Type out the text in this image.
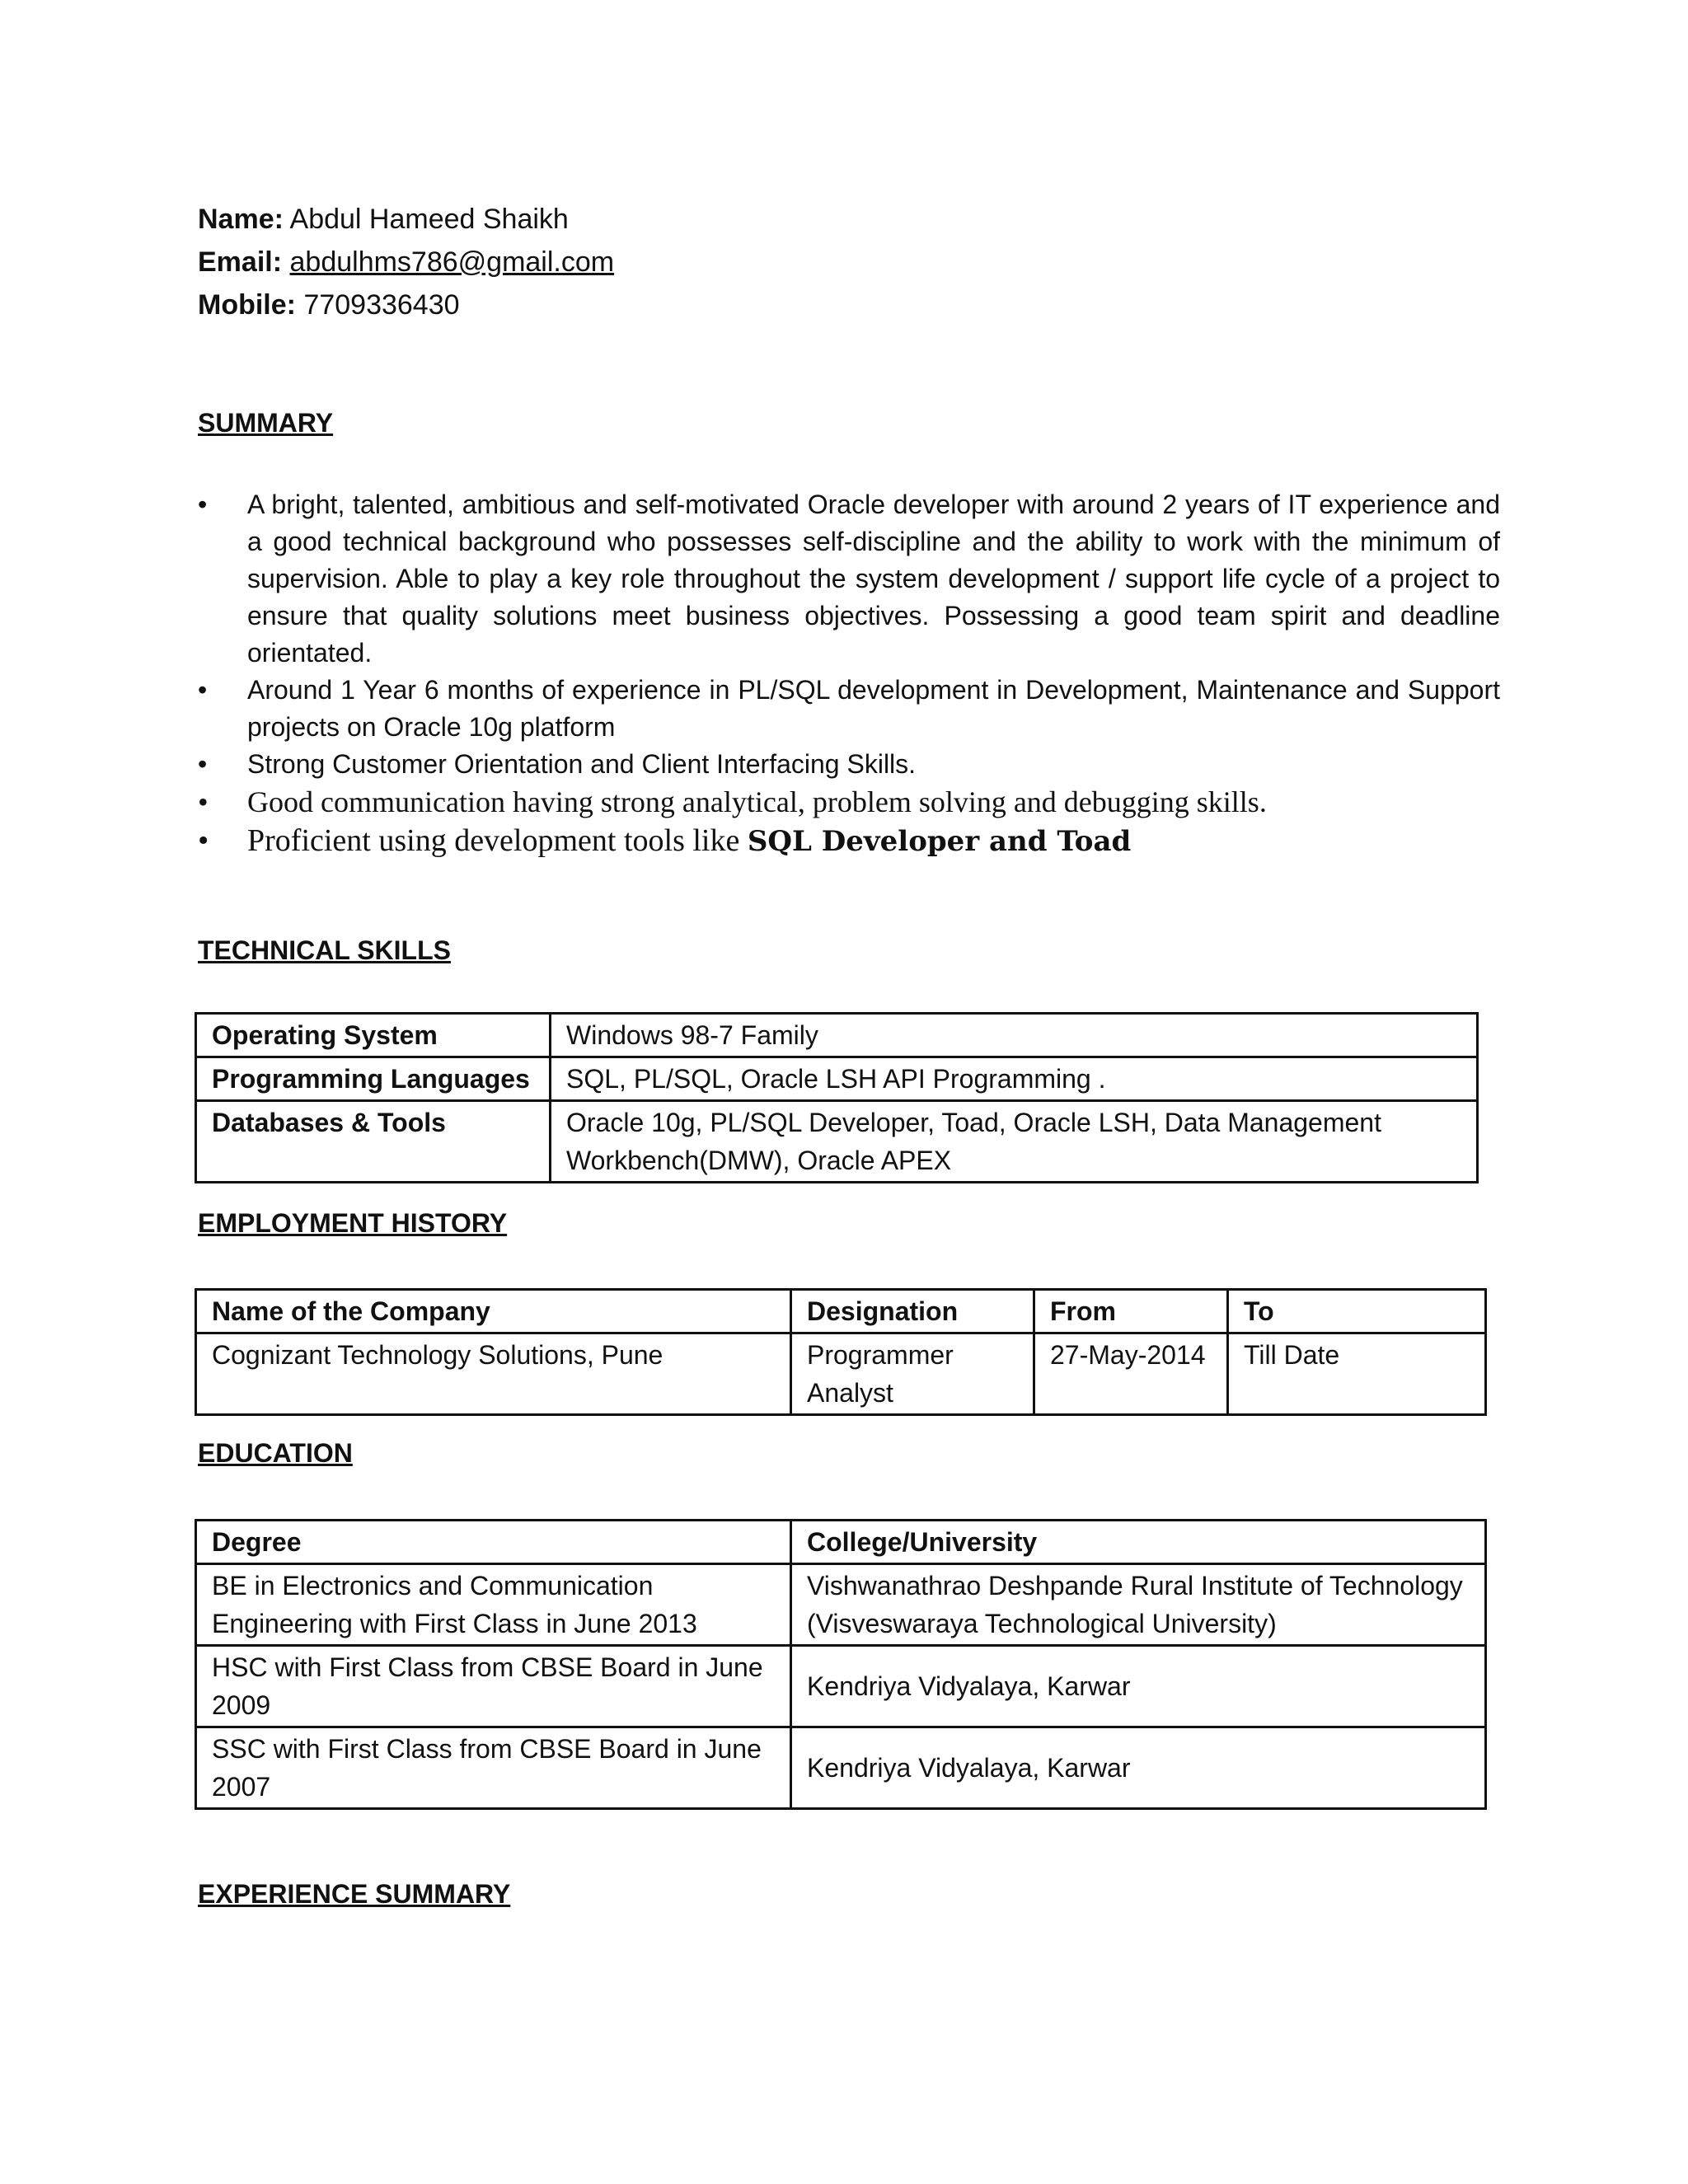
Name: Abdul Hameed Shaikh
Email: abdulhms786@gmail.com
Mobile: 7709336430
SUMMARY
• A bright, talented, ambitious and self-motivated Oracle developer with around 2 years of IT experience and a good technical background who possesses self-discipline and the ability to work with the minimum of supervision. Able to play a key role throughout the system development / support life cycle of a project to ensure that quality solutions meet business objectives. Possessing a good team spirit and deadline orientated.
• Around 1 Year 6 months of experience in PL/SQL development in Development, Maintenance and Support projects on Oracle 10g platform
• Strong Customer Orientation and Client Interfacing Skills.
• Good communication having strong analytical, problem solving and debugging skills.
• Proficient using development tools like SQL Developer and Toad
TECHNICAL SKILLS
Operating System	Windows 98-7 Family
Programming Languages	SQL, PL/SQL, Oracle LSH API Programming .
Databases & Tools	Oracle 10g, PL/SQL Developer, Toad, Oracle LSH, Data Management Workbench(DMW), Oracle APEX
EMPLOYMENT HISTORY
Name of the Company	Designation	From	To
Cognizant Technology Solutions, Pune	Programmer Analyst	27-May-2014	Till Date
EDUCATION
Degree	College/University
BE in Electronics and Communication Engineering with First Class in June 2013	Vishwanathrao Deshpande Rural Institute of Technology (Visveswaraya Technological University)
HSC with First Class from CBSE Board in June 2009	Kendriya Vidyalaya, Karwar
SSC with First Class from CBSE Board in June 2007	Kendriya Vidyalaya, Karwar
EXPERIENCE SUMMARY
